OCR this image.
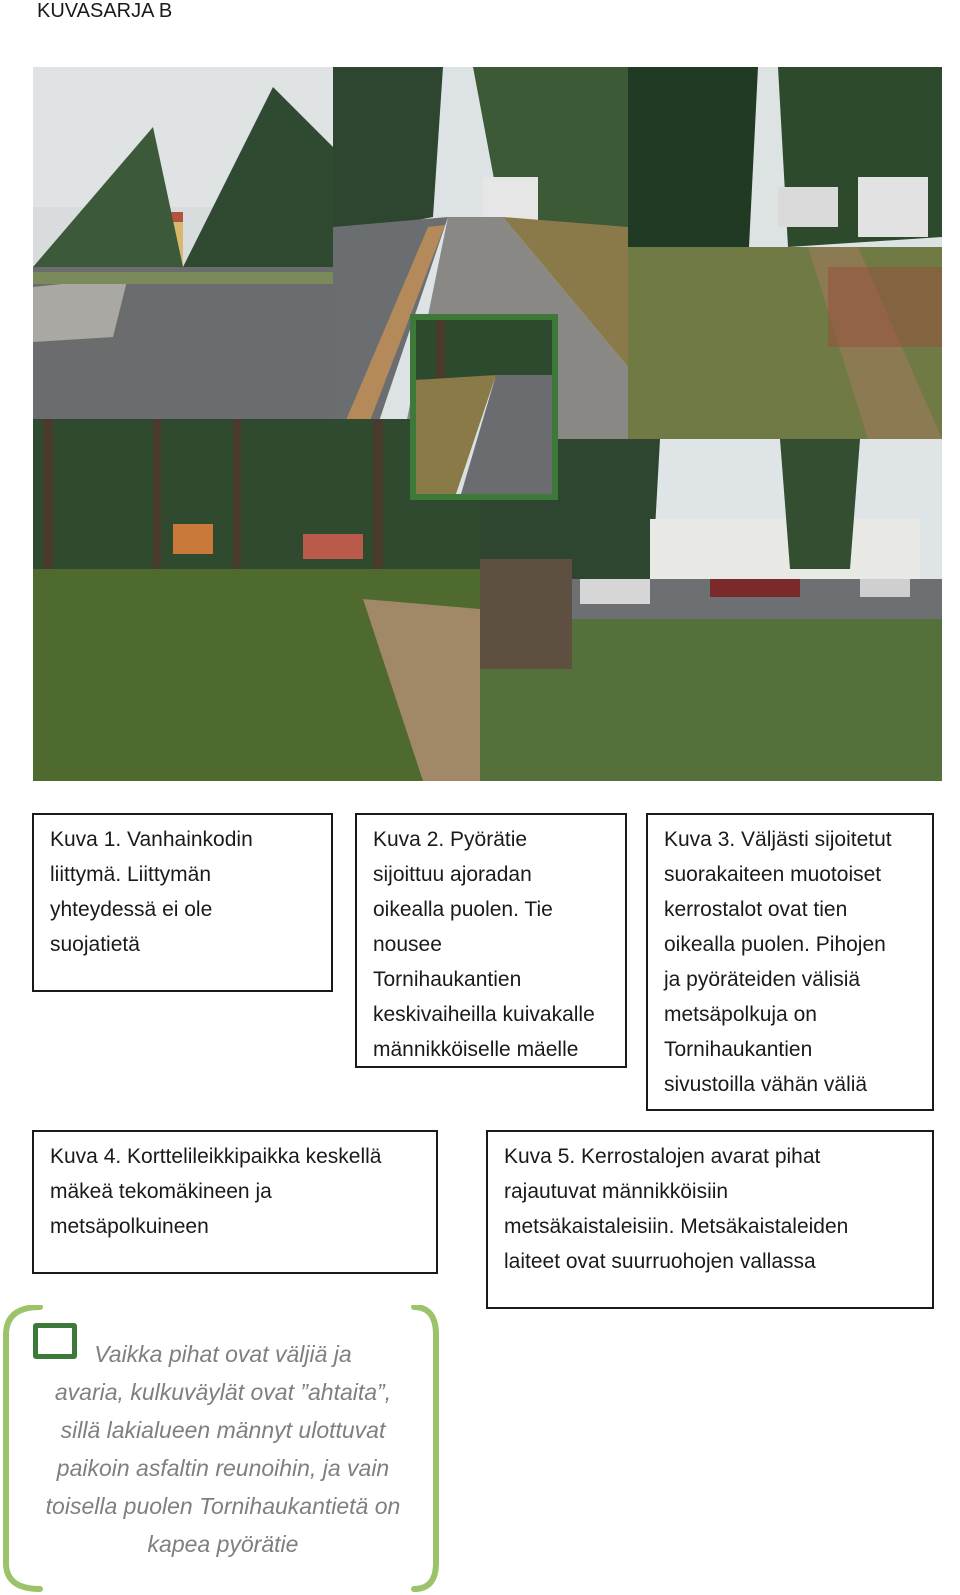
KUVASARJA B
Kuva 1. Vanhainkodin
liittymä. Liittymän
yhteydessä ei ole
suojatietä
Kuva 2. Pyörätie
sijoittuu ajoradan
oikealla puolen. Tie
nousee
Tornihaukantien
keskivaiheilla kuivakalle
männikköiselle mäelle
Kuva 3. Väljästi sijoitetut
suorakaiteen muotoiset
kerrostalot ovat tien
oikealla puolen. Pihojen
ja pyöräteiden välisiä
metsäpolkuja on
Tornihaukantien
sivustoilla vähän väliä
Kuva 4. Korttelileikkipaikka keskellä
mäkeä tekomäkineen ja
metsäpolkuineen
Kuva 5. Kerrostalojen avarat pihat
rajautuvat männikköisiin
metsäkaistaleisiin. Metsäkaistaleiden
laiteet ovat suurruohojen vallassa
Vaikka pihat ovat väljiä ja
avaria, kulkuväylät ovat ”ahtaita”,
sillä lakialueen männyt ulottuvat
paikoin asfaltin reunoihin, ja vain
toisella puolen Tornihaukantietä on
kapea pyörätie
